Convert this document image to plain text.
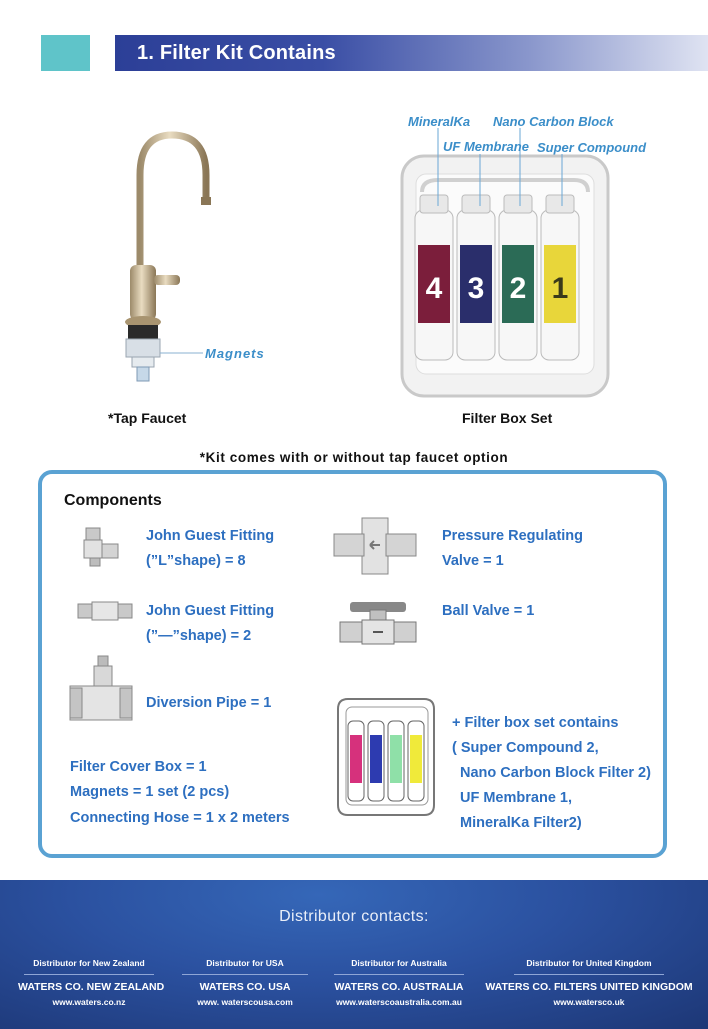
1. Filter Kit Contains
Magnets
*Tap Faucet
4 3 2 1
MineralKa Nano Carbon Block
UF Membrane Super Compound
Filter Box Set
*Kit comes with or without tap faucet option
Components
John Guest Fitting
(”L”shape) = 8
John Guest Fitting
(”—”shape) = 2
Diversion Pipe = 1
Pressure Regulating
Valve = 1
Ball Valve = 1
Filter Cover Box = 1
Magnets = 1 set (2 pcs)
Connecting Hose = 1 x 2 meters
+ Filter box set contains
( Super Compound 2,
Nano Carbon Block Filter 2)
UF Membrane 1,
MineralKa Filter2)
Distributor contacts:
Distributor for New Zealand
WATERS CO. NEW ZEALAND
www.waters.co.nz
Distributor for USA
WATERS CO. USA
www. waterscousa.com
Distributor for Australia
WATERS CO. AUSTRALIA
www.waterscoaustralia.com.au
Distributor for United Kingdom
WATERS CO. FILTERS UNITED KINGDOM
www.watersco.uk
